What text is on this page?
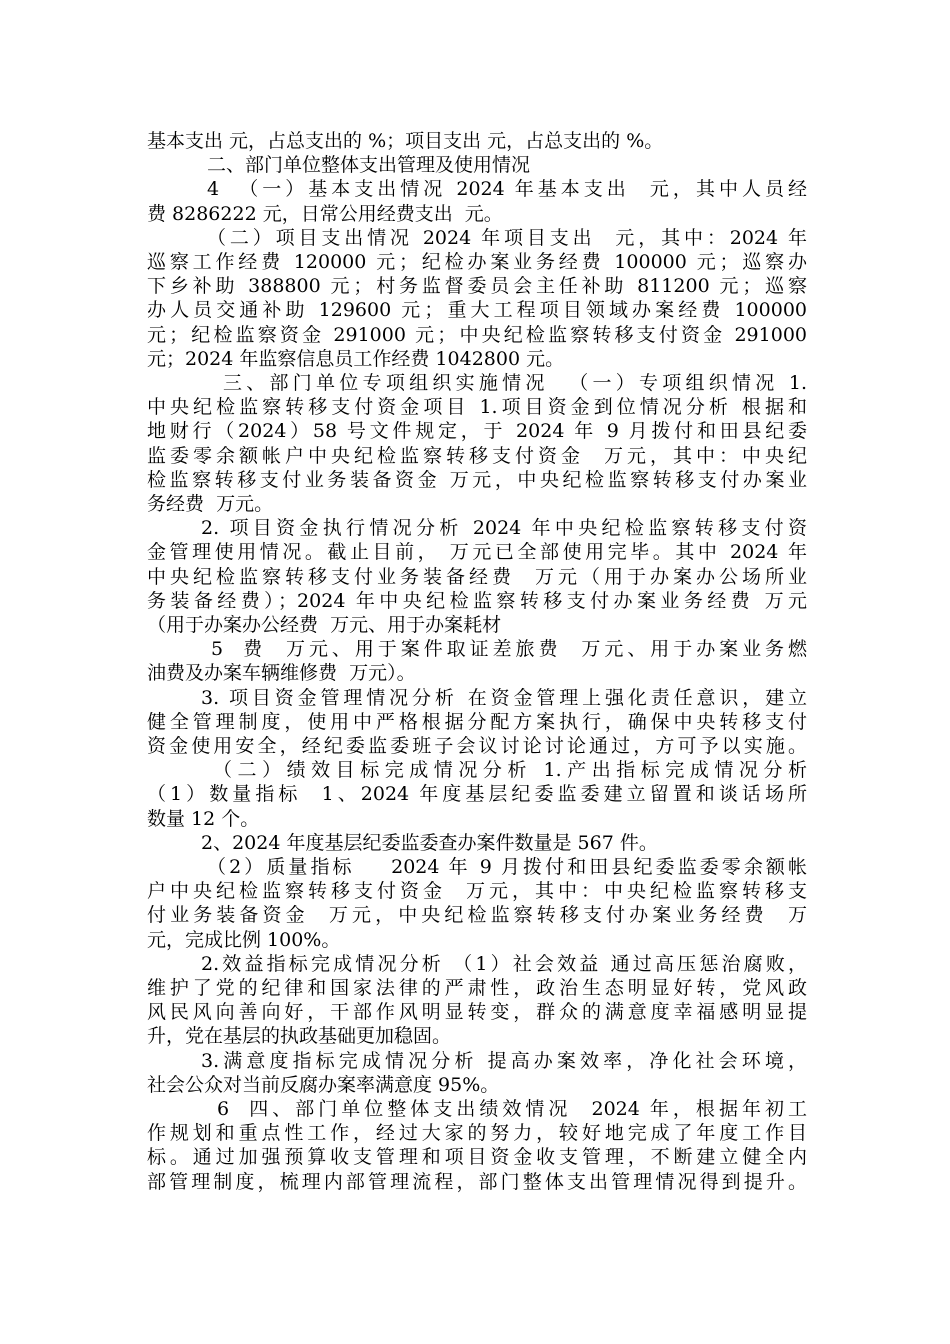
基本支出 元，占总支出的 %；项目支出 元，占总支出的 %。

二、部门单位整体支出管理及使用情况

4  （一）基本支出情况 2024 年基本支出  元，其中人员经

费 8286222 元，日常公用经费支出  元。

（二）项目支出情况 2024 年项目支出  元，其中：2024 年

巡察工作经费 120000 元；纪检办案业务经费 100000 元；巡察办

下乡补助 388800 元；村务监督委员会主任补助 811200 元；巡察

办人员交通补助 129600 元；重大工程项目领域办案经费 100000

元；纪检监察资金 291000 元；中央纪检监察转移支付资金 291000

元；2024 年监察信息员工作经费 1042800 元。

三、部门单位专项组织实施情况  （一）专项组织情况 1.

中央纪检监察转移支付资金项目 1.项目资金到位情况分析 根据和

地财行（2024）58 号文件规定，于 2024 年 9 月拨付和田县纪委

监委零余额帐户中央纪检监察转移支付资金  万元，其中：中央纪

检监察转移支付业务装备资金 万元，中央纪检监察转移支付办案业

务经费  万元。

2. 项目资金执行情况分析 2024 年中央纪检监察转移支付资

金管理使用情况。截止目前， 万元已全部使用完毕。其中 2024 年

中央纪检监察转移支付业务装备经费  万元（用于办案办公场所业

务装备经费）；2024 年中央纪检监察转移支付办案业务经费 万元

（用于办案办公经费  万元、用于办案耗材

5  费  万元、用于案件取证差旅费  万元、用于办案业务燃

油费及办案车辆维修费  万元）。

3. 项目资金管理情况分析 在资金管理上强化责任意识，建立

健全管理制度，使用中严格根据分配方案执行，确保中央转移支付

资金使用安全，经纪委监委班子会议讨论讨论通过，方可予以实施。

（二）绩效目标完成情况分析 1.产出指标完成情况分析

（1）数量指标  1、2024 年度基层纪委监委建立留置和谈话场所

数量 12 个。

2、2024 年度基层纪委监委查办案件数量是 567 件。

（2）质量指标    2024 年 9 月拨付和田县纪委监委零余额帐

户中央纪检监察转移支付资金  万元，其中：中央纪检监察转移支

付业务装备资金  万元，中央纪检监察转移支付办案业务经费  万

元，完成比例 100%。

2.效益指标完成情况分析 （1）社会效益 通过高压惩治腐败，

维护了党的纪律和国家法律的严肃性，政治生态明显好转，党风政

风民风向善向好，干部作风明显转变，群众的满意度幸福感明显提

升，党在基层的执政基础更加稳固。

3.满意度指标完成情况分析 提高办案效率，净化社会环境，

社会公众对当前反腐办案率满意度 95%。

6  四、部门单位整体支出绩效情况  2024 年，根据年初工

作规划和重点性工作，经过大家的努力，较好地完成了年度工作目

标。通过加强预算收支管理和项目资金收支管理，不断建立健全内

部管理制度，梳理内部管理流程，部门整体支出管理情况得到提升。
